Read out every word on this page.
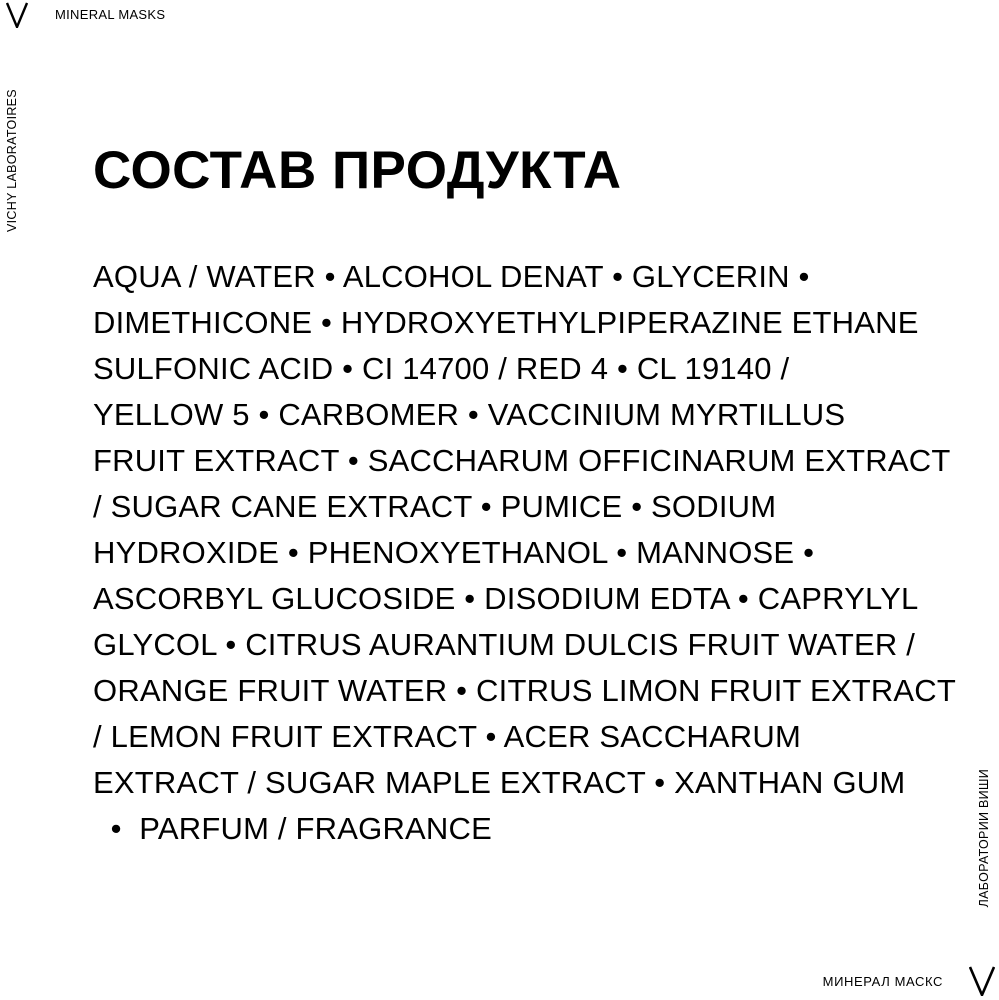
MINERAL MASKS
VICHY LABORATOIRES СОСТАВ ПРОДУКТА
AQUA / WATER • ALCOHOL DENAT • GLYCERIN •
DIMETHICONE • HYDROXYETHYLPIPERAZINE ETHANE
SULFONIC ACID • CI 14700 / RED 4 • CL 19140 /
YELLOW 5 • CARBOMER • VACCINIUM MYRTILLUS
FRUIT EXTRACT • SACCHARUM OFFICINARUM EXTRACT
/ SUGAR CANE EXTRACT • PUMICE • SODIUM
HYDROXIDE • PHENOXYETHANOL • MANNOSE •
ASCORBYL GLUCOSIDE • DISODIUM EDTA • CAPRYLYL
GLYCOL • CITRUS AURANTIUM DULCIS FRUIT WATER /
ORANGE FRUIT WATER • CITRUS LIMON FRUIT EXTRACT
/ LEMON FRUIT EXTRACT • ACER SACCHARUM
EXTRACT / SUGAR MAPLE EXTRACT • XANTHAN GUM
•  PARFUM / FRAGRANCE	ЛАБОРАТОРИИ ВИШИ
МИНЕРАЛ МАСКС
